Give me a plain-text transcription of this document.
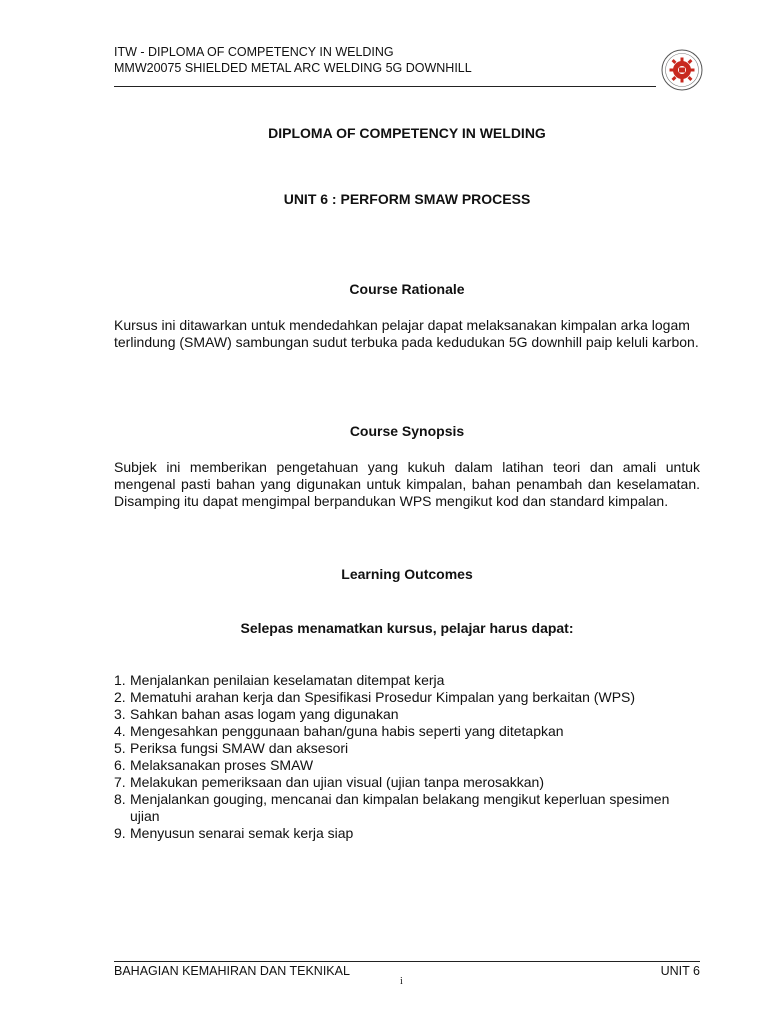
ITW - DIPLOMA OF COMPETENCY IN WELDING
MMW20075 SHIELDED METAL ARC WELDING 5G DOWNHILL
DIPLOMA OF COMPETENCY IN WELDING
UNIT 6 : PERFORM SMAW PROCESS
Course Rationale
Kursus ini ditawarkan untuk mendedahkan pelajar dapat melaksanakan kimpalan arka logam terlindung (SMAW) sambungan sudut terbuka pada kedudukan 5G downhill paip keluli karbon.
Course Synopsis
Subjek ini memberikan pengetahuan yang kukuh dalam latihan teori dan amali untuk mengenal pasti bahan yang digunakan untuk kimpalan, bahan penambah dan keselamatan. Disamping itu dapat mengimpal berpandukan WPS mengikut kod dan standard kimpalan.
Learning Outcomes
Selepas menamatkan kursus, pelajar harus dapat:
1. Menjalankan penilaian keselamatan ditempat kerja
2. Mematuhi arahan kerja dan Spesifikasi Prosedur Kimpalan yang berkaitan (WPS)
3. Sahkan bahan asas logam yang digunakan
4. Mengesahkan penggunaan bahan/guna habis seperti yang ditetapkan
5. Periksa fungsi SMAW dan aksesori
6. Melaksanakan proses SMAW
7. Melakukan pemeriksaan dan ujian visual (ujian tanpa merosakkan)
8. Menjalankan gouging, mencanai dan kimpalan belakang mengikut keperluan spesimen ujian
9. Menyusun senarai semak kerja siap
BAHAGIAN KEMAHIRAN DAN TEKNIKAL	UNIT 6
i
